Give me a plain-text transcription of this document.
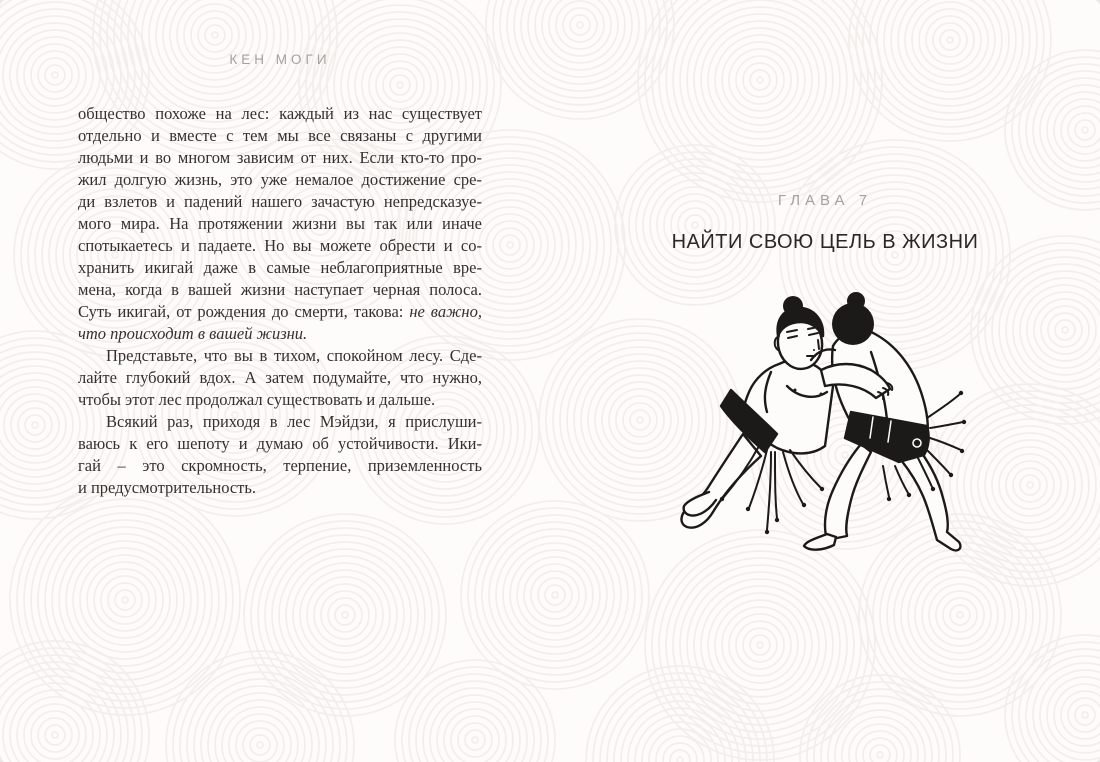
КЕН МОГИ
общество похоже на лес: каждый из нас существует
отдельно и вместе с тем мы все связаны с другими
людьми и во многом зависим от них. Если кто-то про-
жил долгую жизнь, это уже немалое достижение сре-
ди взлетов и падений нашего зачастую непредсказуе-
мого мира. На протяжении жизни вы так или иначе
спотыкаетесь и падаете. Но вы можете обрести и со-
хранить икигай даже в самые неблагоприятные вре-
мена, когда в вашей жизни наступает черная полоса.
Суть икигай, от рождения до смерти, такова: не важно,
что происходит в вашей жизни.
Представьте, что вы в тихом, спокойном лесу. Сде-
лайте глубокий вдох. А затем подумайте, что нужно,
чтобы этот лес продолжал существовать и дальше.
Всякий раз, приходя в лес Мэйдзи, я прислуши-
ваюсь к его шепоту и думаю об устойчивости. Ики-
гай – это скромность, терпение, приземленность
и предусмотрительность.
ГЛАВА 7
НАЙТИ СВОЮ ЦЕЛЬ В ЖИЗНИ
